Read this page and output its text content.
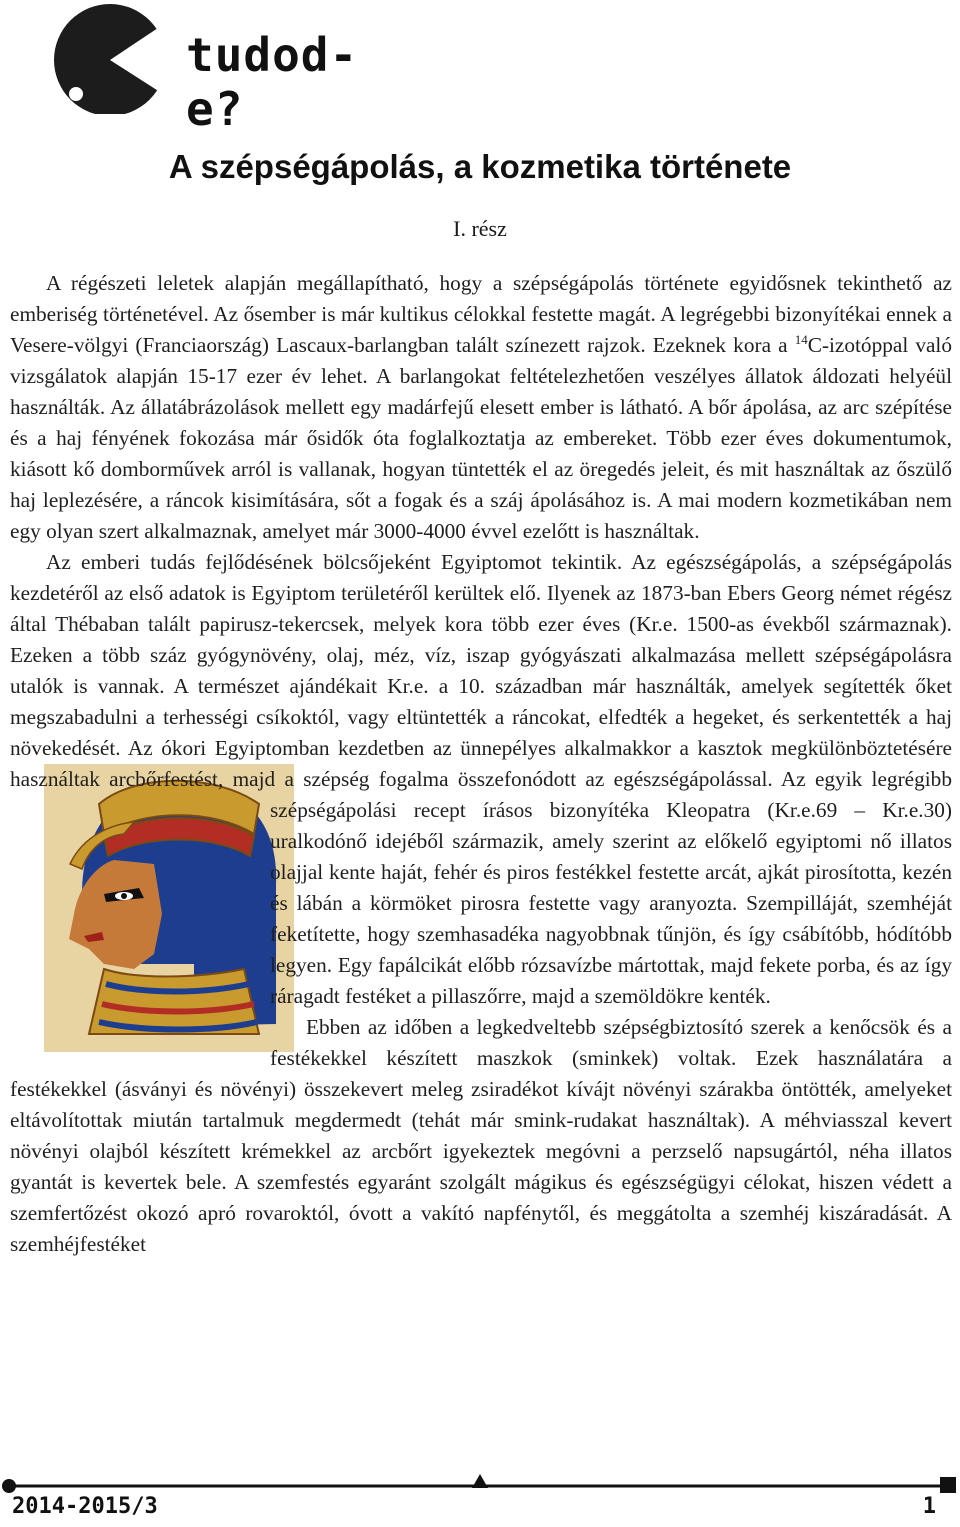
tudod-e?
A szépségápolás, a kozmetika története
I. rész

A régészeti leletek alapján megállapítható, hogy a szépségápolás története egyidősnek tekinthető az emberiség történetével. Az ősember is már kultikus célokkal festette magát. A legrégebbi bizonyítékai ennek a Vesere-völgyi (Franciaország) Lascaux-barlangban talált színezett rajzok. Ezeknek kora a $^{14}$C-izotóppal való vizsgálatok alapján 15-17 ezer év lehet. A barlangokat feltételezhetően veszélyes állatok áldozati helyéül használták. Az állatábrázolások mellett egy madárfejű elesett ember is látható. A bőr ápolása, az arc szépítése és a haj fényének fokozása már ősidők óta foglalkoztatja az embereket. Több ezer éves dokumentumok, kiásott kő domborművek arról is vallanak, hogyan tüntették el az öregedés jeleit, és mit használtak az őszülő haj leplezésére, a ráncok kisimítására, sőt a fogak és a száj ápolásához is. A mai modern kozmetikában nem egy olyan szert alkalmaznak, amelyet már 3000-4000 évvel ezelőtt is használtak.

Az emberi tudás fejlődésének bölcsőjeként Egyiptomot tekintik. Az egészségápolás, a szépségápolás kezdetéről az első adatok is Egyiptom területéről kerültek elő. Ilyenek az 1873-ban Ebers Georg német régész által Thébaban talált papirusz-tekercsek, melyek kora több ezer éves (Kr.e. 1500-as évekből származnak). Ezeken a több száz gyógynövény, olaj, méz, víz, iszap gyógyászati alkalmazása mellett szépségápolásra utalók is vannak. A természet ajándékait Kr.e. a 10. században már használták, amelyek segítették őket megszabadulni a terhességi csíkoktól, vagy eltüntették a ráncokat, elfedték a hegeket, és serkentették a haj növekedését. Az ókori Egyiptomban kezdetben az ünnepélyes alkalmakkor a kasztok megkülönböztetésére használtak arcbőrfestést, majd a szépség
fogalma összefonódott az egészségápolással. Az egyik legrégibb szépségápolási recept írásos bizonyítéka Kleopatra (Kr.e.69 – Kr.e.30) uralkodónő idejéből származik, amely szerint az előkelő egyiptomi nő illatos olajjal kente haját, fehér és piros festékkel festette arcát, ajkát pirosította, kezén és lábán a körmöket pirosra festette vagy aranyozta. Szempilláját, szemhéját feketítette, hogy szemhasadéka nagyobbnak tűnjön, és így csábítóbb, hódítóbb legyen. Egy fapálcikát előbb rózsavízbe mártottak, majd fekete porba, és az így ráragadt festéket a pillaszőrre, majd a szemöldökre kenték.

Ebben az időben a legkedveltebb szépségbiztosító szerek a kenőcsök és a festékekkel készített maszkok (sminkek) voltak. Ezek használatára a festékekkel (ásványi és növényi) összekevert meleg zsiradékot kívájt növényi szárakba öntötték, amelyeket eltávolítottak miután tartalmuk megdermedt (tehát már smink-rudakat használtak). A méhviasszal kevert növényi olajból készített krémekkel az arcbőrt igyekeztek megóvni a perzselő napsugártól, néha illatos gyantát is kevertek bele. A szemfestés egyaránt szolgált mágikus és egészségügyi célokat, hiszen védett a szemfertőzést okozó apró rovaroktól, óvott a vakító napfénytől, és meggátolta a szemhéj kiszáradását. A szemhéjfestéket

2014-2015/3	1
